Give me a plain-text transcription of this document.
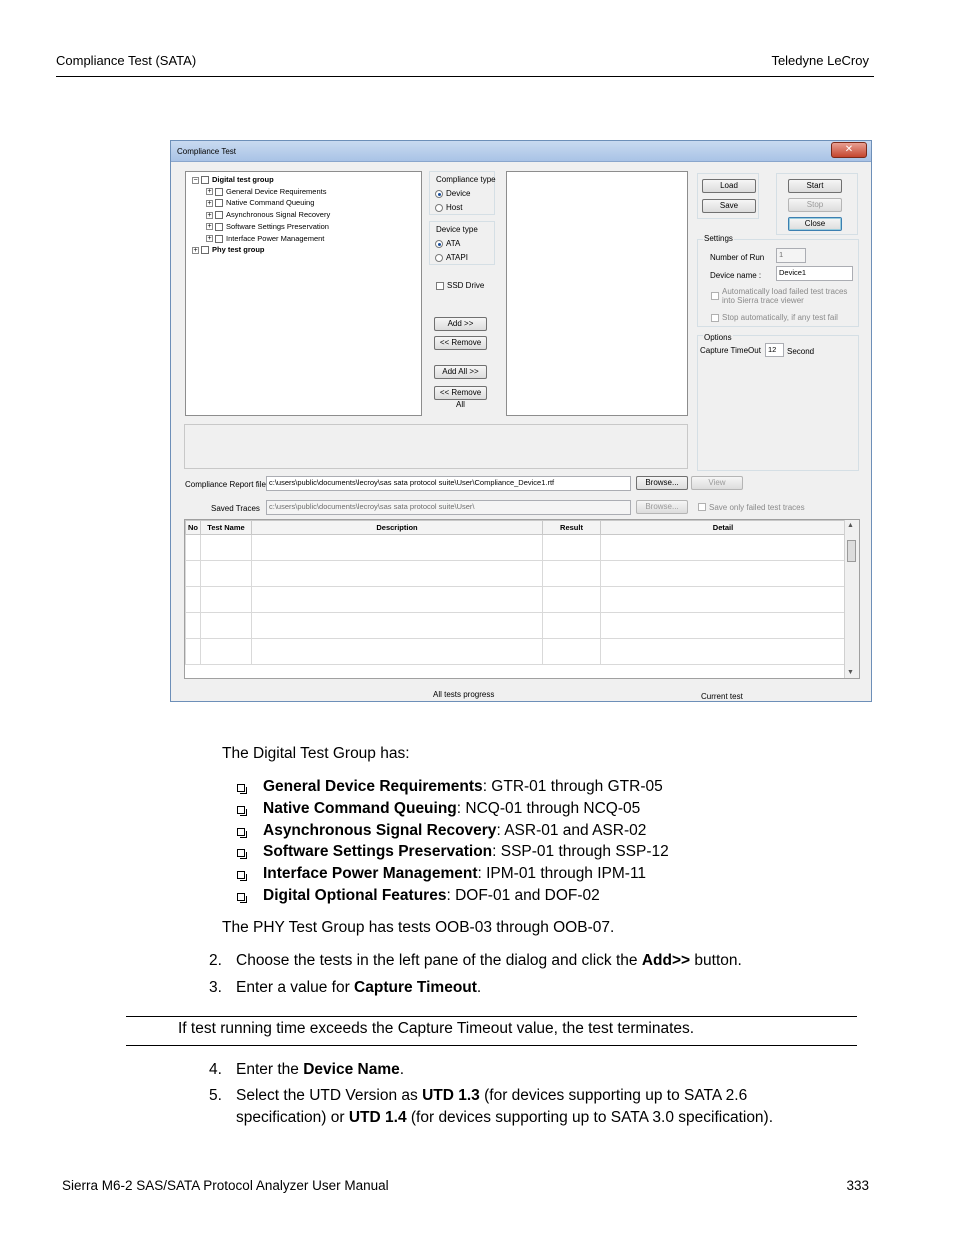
Compliance Test (SATA)	Teledyne LeCroy
Compliance Test	✕
− Digital test group
+ General Device Requirements
+ Native Command Queuing
+ Asynchronous Signal Recovery
+ Software Settings Preservation
+ Interface Power Management
+ Phy test group
Compliance type
Device
Host
Device type
ATA
ATAPI
SSD Drive
Add >>
<< Remove
Add All >>
<< Remove All
Load
Save
Start
Stop
Close
Settings
Number of Run	1
Device name :	Device1
Automatically load failed test traces
into Sierra trace viewer
Stop automatically, if any test fail
Options
Capture TimeOut 12	Second
Compliance Report file c:\users\public\documents\lecroy\sas sata protocol suite\User\Compliance_Device1.rtf	Browse...	View
Saved Traces	c:\users\public\documents\lecroy\sas sata protocol suite\User\	Browse...	Save only failed test traces
No	Test Name	Description	Result	Detail

					▲
▼
All tests progress	Current test
The Digital Test Group has:
General Device Requirements: GTR-01 through GTR-05
Native Command Queuing: NCQ-01 through NCQ-05
Asynchronous Signal Recovery: ASR-01 and ASR-02
Software Settings Preservation: SSP-01 through SSP-12
Interface Power Management: IPM-01 through IPM-11
Digital Optional Features: DOF-01 and DOF-02
The PHY Test Group has tests OOB-03 through OOB-07.
2. Choose the tests in the left pane of the dialog and click the Add>> button.
3. Enter a value for Capture Timeout.
If test running time exceeds the Capture Timeout value, the test terminates.
4. Enter the Device Name.
5. Select the UTD Version as UTD 1.3 (for devices supporting up to SATA 2.6
specification) or UTD 1.4 (for devices supporting up to SATA 3.0 specification).
Sierra M6-2 SAS/SATA Protocol Analyzer User Manual	333
